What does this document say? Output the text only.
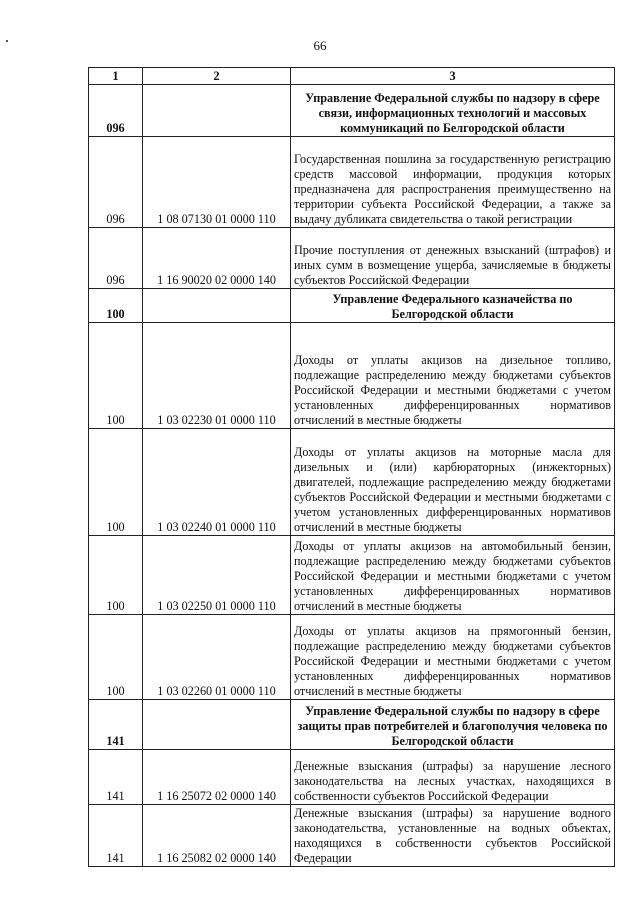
66
1	2	3
096		Управление Федеральной службы по надзору в сфере связи, информационных технологий и массовых коммуникаций по Белгородской области
096	1 08 07130 01 0000 110	Государственная пошлина за государственную регистрацию средств массовой информации, продукция которых предназначена для распространения преимущественно на территории субъекта Российской Федерации, а также за выдачу дубликата свидетельства о такой регистрации
096	1 16 90020 02 0000 140	Прочие поступления от денежных взысканий (штрафов) и иных сумм в возмещение ущерба, зачисляемые в бюджеты субъектов Российской Федерации
100		Управление Федерального казначейства по Белгородской области
100	1 03 02230 01 0000 110	Доходы от уплаты акцизов на дизельное топливо, подлежащие распределению между бюджетами субъектов Российской Федерации и местными бюджетами с учетом установленных дифференцированных нормативов отчислений в местные бюджеты
100	1 03 02240 01 0000 110	Доходы от уплаты акцизов на моторные масла для дизельных и (или) карбюраторных (инжекторных) двигателей, подлежащие распределению между бюджетами субъектов Российской Федерации и местными бюджетами с учетом установленных дифференцированных нормативов отчислений в местные бюджеты
100	1 03 02250 01 0000 110	Доходы от уплаты акцизов на автомобильный бензин, подлежащие распределению между бюджетами субъектов Российской Федерации и местными бюджетами с учетом установленных дифференцированных нормативов отчислений в местные бюджеты
100	1 03 02260 01 0000 110	Доходы от уплаты акцизов на прямогонный бензин, подлежащие распределению между бюджетами субъектов Российской Федерации и местными бюджетами с учетом установленных дифференцированных нормативов отчислений в местные бюджеты
141		Управление Федеральной службы по надзору в сфере защиты прав потребителей и благополучия человека по Белгородской области
141	1 16 25072 02 0000 140	Денежные взыскания (штрафы) за нарушение лесного законодательства на лесных участках, находящихся в собственности субъектов Российской Федерации
141	1 16 25082 02 0000 140	Денежные взыскания (штрафы) за нарушение водного законодательства, установленные на водных объектах, находящихся в собственности субъектов Российской Федерации
